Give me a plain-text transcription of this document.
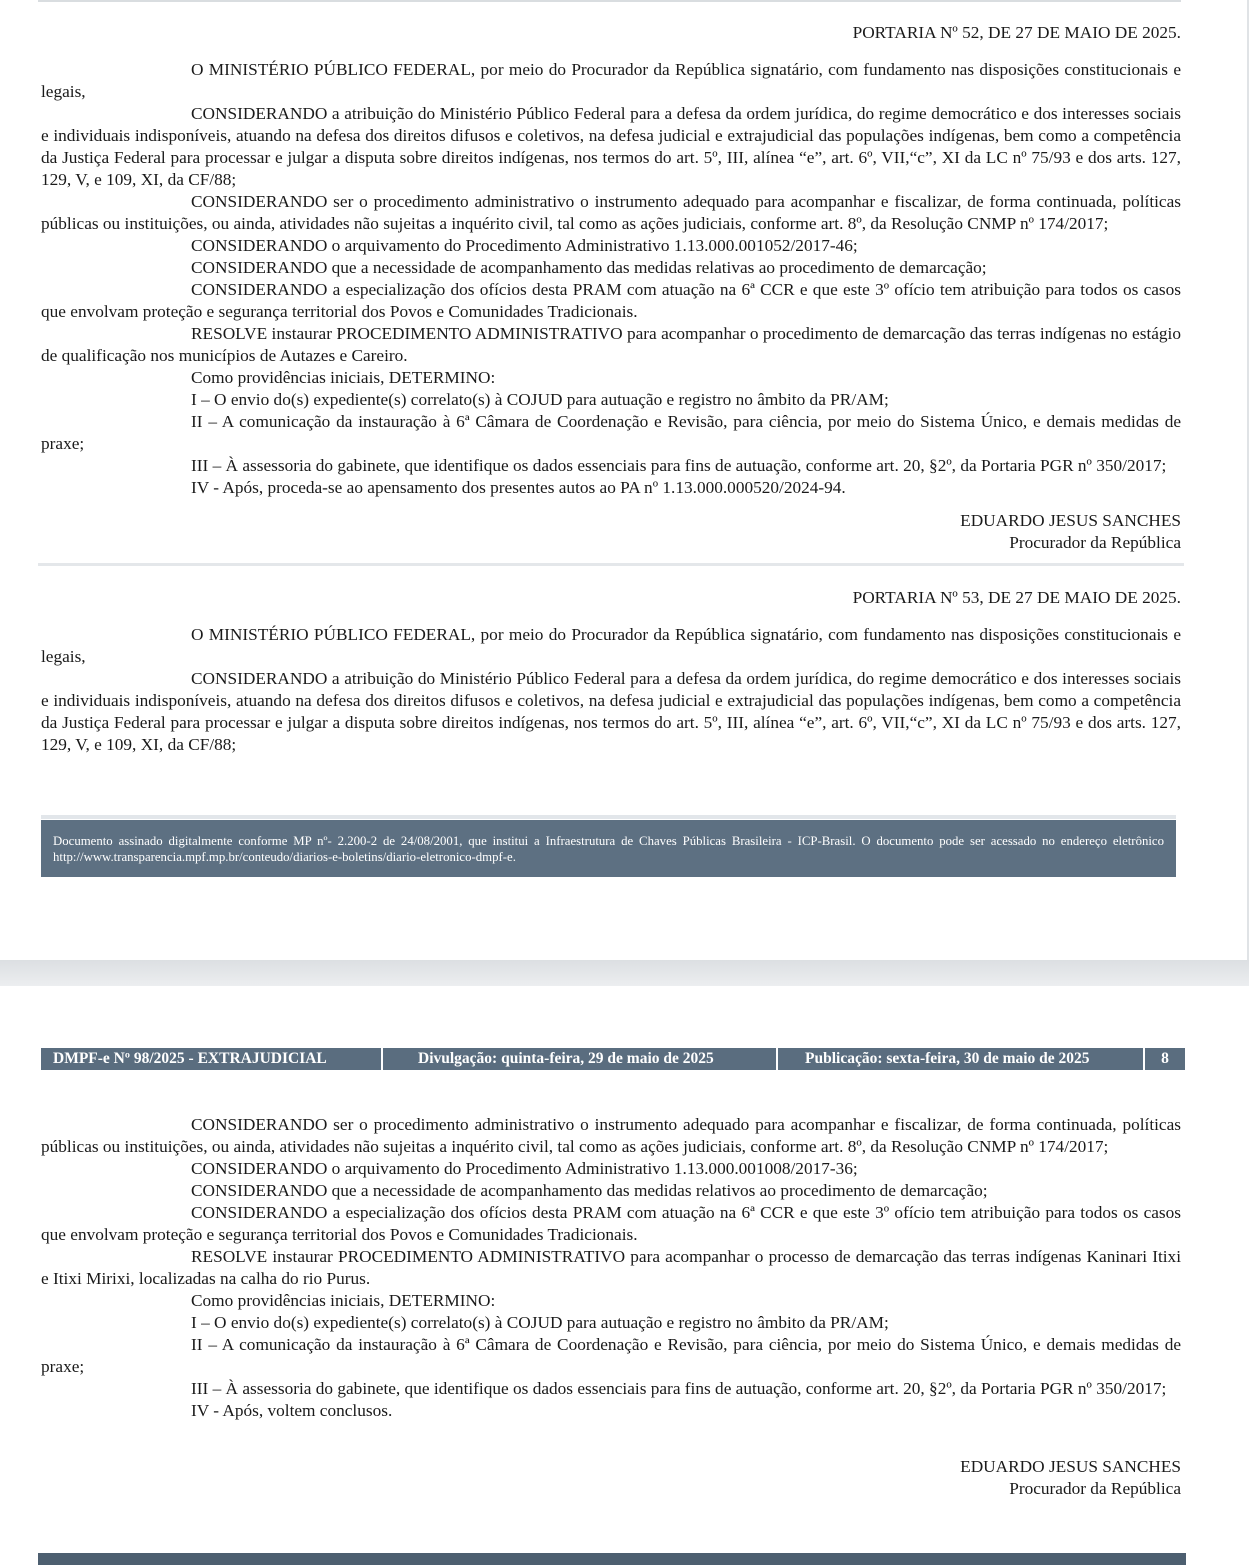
PORTARIA Nº 52, DE 27 DE MAIO DE 2025.

O MINISTÉRIO PÚBLICO FEDERAL, por meio do Procurador da República signatário, com fundamento nas disposições constitucionais e legais,

CONSIDERANDO a atribuição do Ministério Público Federal para a defesa da ordem jurídica, do regime democrático e dos interesses sociais e individuais indisponíveis, atuando na defesa dos direitos difusos e coletivos, na defesa judicial e extrajudicial das populações indígenas, bem como a competência da Justiça Federal para processar e julgar a disputa sobre direitos indígenas, nos termos do art. 5º, III, alínea “e”, art. 6º, VII,“c”, XI da LC nº 75/93 e dos arts. 127, 129, V, e 109, XI, da CF/88;

CONSIDERANDO ser o procedimento administrativo o instrumento adequado para acompanhar e fiscalizar, de forma continuada, políticas públicas ou instituições, ou ainda, atividades não sujeitas a inquérito civil, tal como as ações judiciais, conforme art. 8º, da Resolução CNMP nº 174/2017;

CONSIDERANDO o arquivamento do Procedimento Administrativo 1.13.000.001052/2017-46;

CONSIDERANDO que a necessidade de acompanhamento das medidas relativas ao procedimento de demarcação;

CONSIDERANDO a especialização dos ofícios desta PRAM com atuação na 6ª CCR e que este 3º ofício tem atribuição para todos os casos que envolvam proteção e segurança territorial dos Povos e Comunidades Tradicionais.

RESOLVE instaurar PROCEDIMENTO ADMINISTRATIVO para acompanhar o procedimento de demarcação das terras indígenas no estágio de qualificação nos municípios de Autazes e Careiro.

Como providências iniciais, DETERMINO:

I – O envio do(s) expediente(s) correlato(s) à COJUD para autuação e registro no âmbito da PR/AM;

II – A comunicação da instauração à 6ª Câmara de Coordenação e Revisão, para ciência, por meio do Sistema Único, e demais medidas de praxe;

III – À assessoria do gabinete, que identifique os dados essenciais para fins de autuação, conforme art. 20, §2º, da Portaria PGR nº 350/2017;

IV - Após, proceda-se ao apensamento dos presentes autos ao PA nº 1.13.000.000520/2024-94.

EDUARDO JESUS SANCHES

Procurador da República

PORTARIA Nº 53, DE 27 DE MAIO DE 2025.

O MINISTÉRIO PÚBLICO FEDERAL, por meio do Procurador da República signatário, com fundamento nas disposições constitucionais e legais,

CONSIDERANDO a atribuição do Ministério Público Federal para a defesa da ordem jurídica, do regime democrático e dos interesses sociais e individuais indisponíveis, atuando na defesa dos direitos difusos e coletivos, na defesa judicial e extrajudicial das populações indígenas, bem como a competência da Justiça Federal para processar e julgar a disputa sobre direitos indígenas, nos termos do art. 5º, III, alínea “e”, art. 6º, VII,“c”, XI da LC nº 75/93 e dos arts. 127, 129, V, e 109, XI, da CF/88;

Documento assinado digitalmente conforme MP nº- 2.200-2 de 24/08/2001, que institui a Infraestrutura de Chaves Públicas Brasileira - ICP-Brasil. O documento pode ser acessado no endereço eletrônico http://www.transparencia.mpf.mp.br/conteudo/diarios-e-boletins/diario-eletronico-dmpf-e.
DMPF-e Nº 98/2025 - EXTRAJUDICIAL	Divulgação: quinta-feira, 29 de maio de 2025	Publicação: sexta-feira, 30 de maio de 2025	8

CONSIDERANDO ser o procedimento administrativo o instrumento adequado para acompanhar e fiscalizar, de forma continuada, políticas públicas ou instituições, ou ainda, atividades não sujeitas a inquérito civil, tal como as ações judiciais, conforme art. 8º, da Resolução CNMP nº 174/2017;

CONSIDERANDO o arquivamento do Procedimento Administrativo 1.13.000.001008/2017-36;

CONSIDERANDO que a necessidade de acompanhamento das medidas relativos ao procedimento de demarcação;

CONSIDERANDO a especialização dos ofícios desta PRAM com atuação na 6ª CCR e que este 3º ofício tem atribuição para todos os casos que envolvam proteção e segurança territorial dos Povos e Comunidades Tradicionais.

RESOLVE instaurar PROCEDIMENTO ADMINISTRATIVO para acompanhar o processo de demarcação das terras indígenas Kaninari Itixi e Itixi Mirixi, localizadas na calha do rio Purus.

Como providências iniciais, DETERMINO:

I – O envio do(s) expediente(s) correlato(s) à COJUD para autuação e registro no âmbito da PR/AM;

II – A comunicação da instauração à 6ª Câmara de Coordenação e Revisão, para ciência, por meio do Sistema Único, e demais medidas de praxe;

III – À assessoria do gabinete, que identifique os dados essenciais para fins de autuação, conforme art. 20, §2º, da Portaria PGR nº 350/2017;

IV - Após, voltem conclusos.

EDUARDO JESUS SANCHES

Procurador da República
